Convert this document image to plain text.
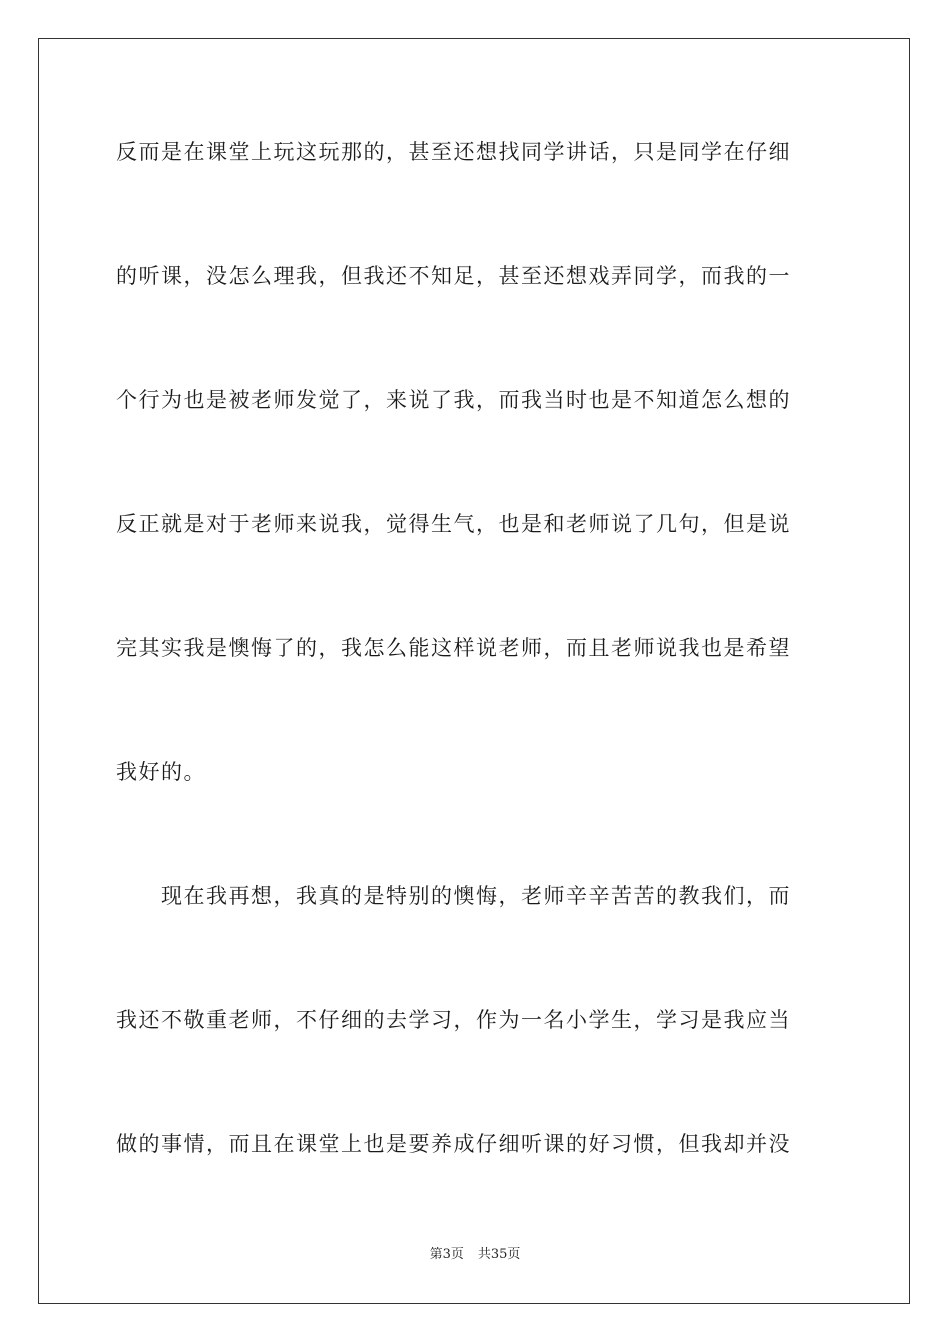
反而是在课堂上玩这玩那的，甚至还想找同学讲话，只是同学在仔细
的听课，没怎么理我，但我还不知足，甚至还想戏弄同学，而我的一
个行为也是被老师发觉了，来说了我，而我当时也是不知道怎么想的
反正就是对于老师来说我，觉得生气，也是和老师说了几句，但是说
完其实我是懊悔了的，我怎么能这样说老师，而且老师说我也是希望
我好的。
　　现在我再想，我真的是特别的懊悔，老师辛辛苦苦的教我们，而
我还不敬重老师，不仔细的去学习，作为一名小学生，学习是我应当
做的事情，而且在课堂上也是要养成仔细听课的好习惯，但我却并没
第3页 共35页
